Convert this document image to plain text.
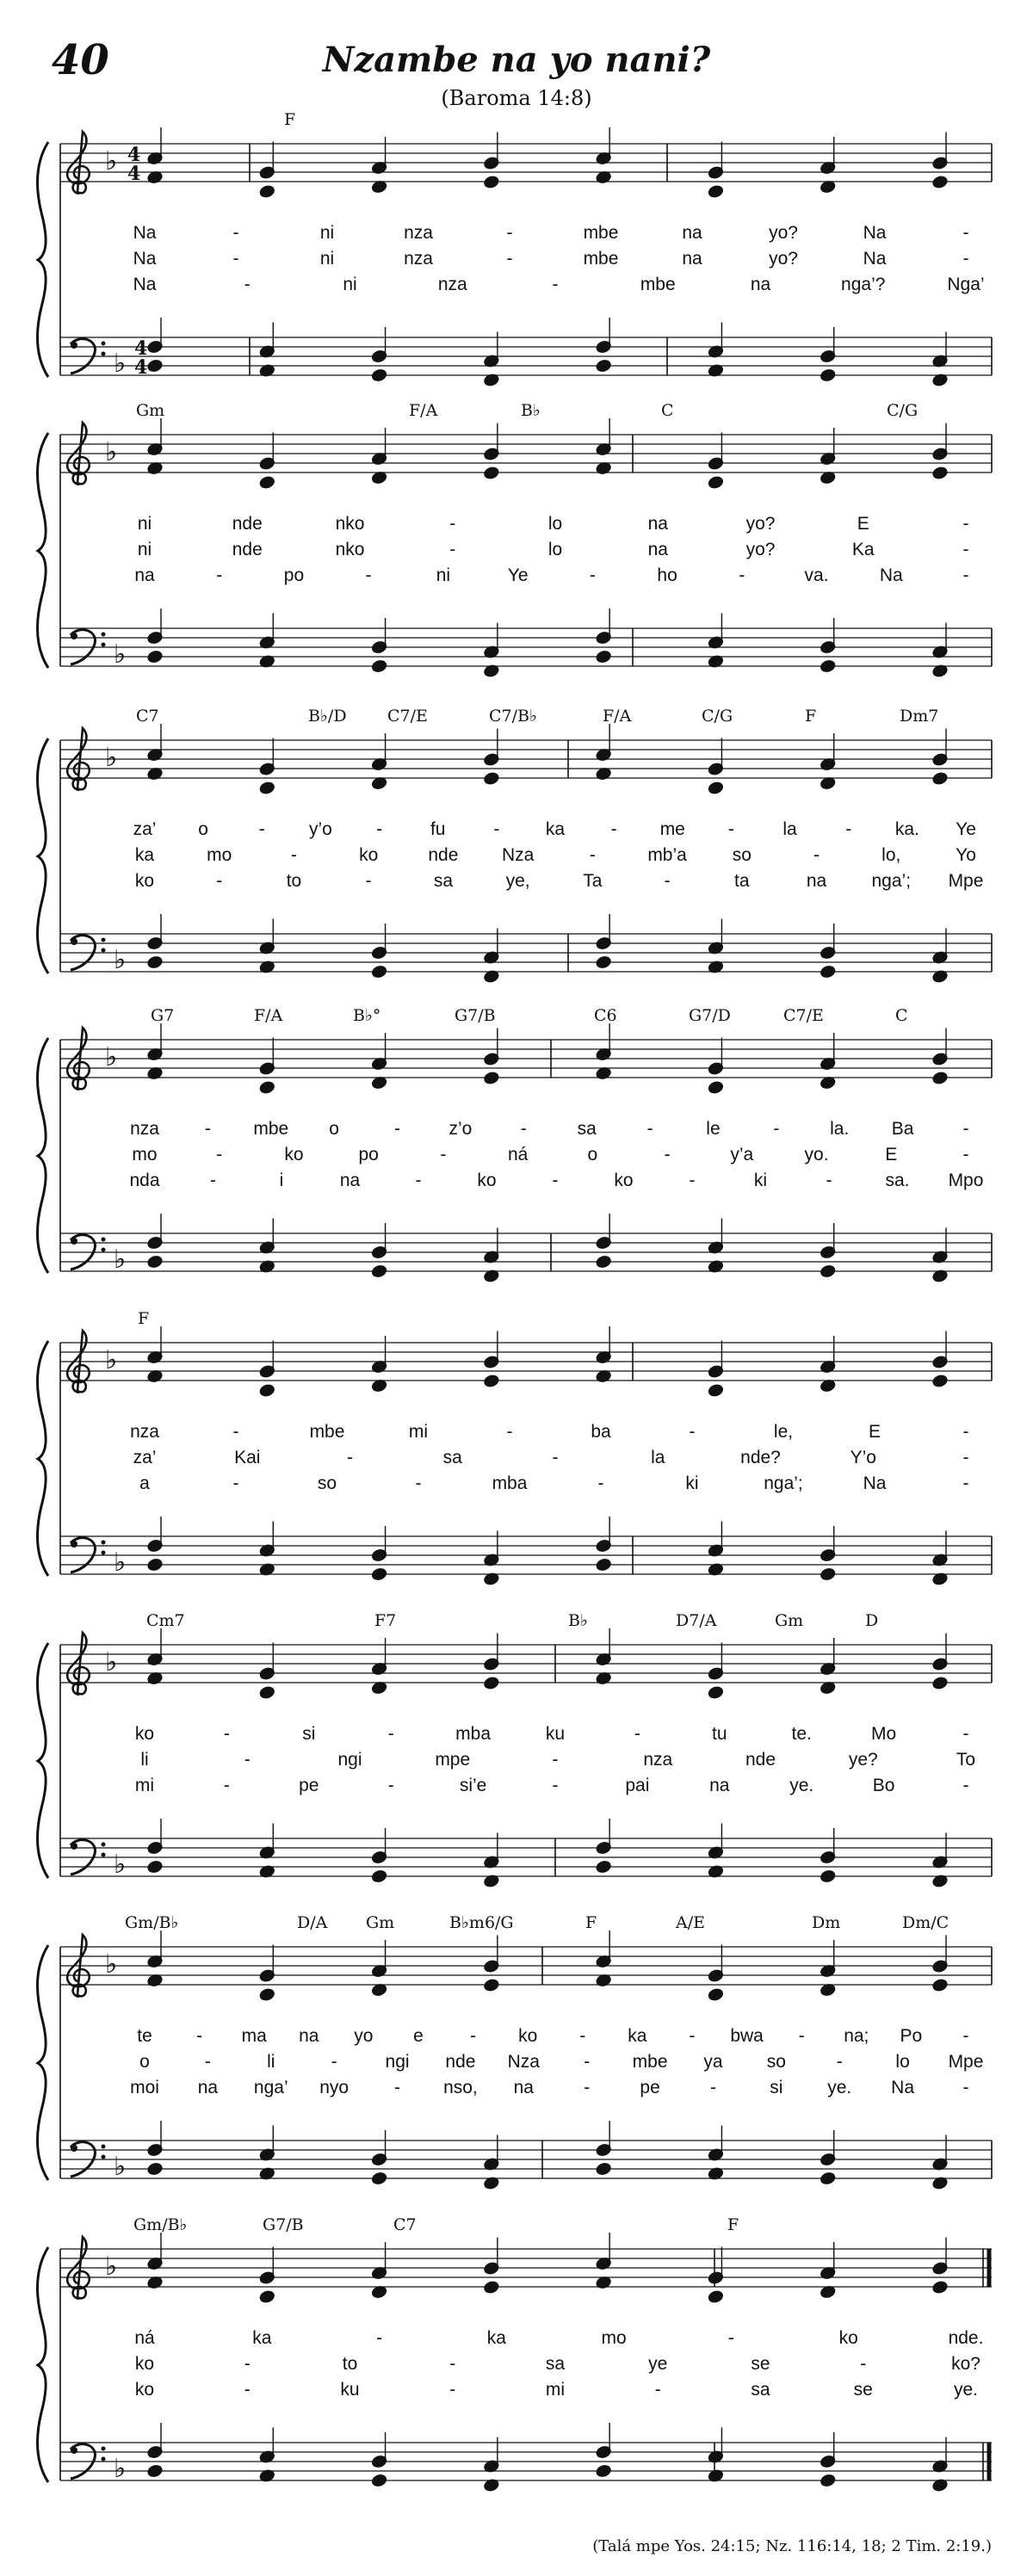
40	Nzambe na yo nani?
(Baroma 14:8)
♭
♭
4
4
4
4
F
Na	-	ni	nza	-	mbe	na	yo?	Na	-
Na	-	ni	nza	-	mbe	na	yo?	Na	-
Na	-	ni	nza	-	mbe	na	nga’?	Nga’
♭
♭
Gm	F/A	B♭	C	C/G
ni	nde	nko	-	lo	na	yo?	E	-
ni	nde	nko	-	lo	na	yo?	Ka	-
na	-	po	-	ni	Ye	-	ho	-	va.	Na	-
♭
♭
C7	B♭/D C7/E	C7/B♭	F/A	C/G	F	Dm7
za’ o	- y’o -	fu	-	ka	- me -	la	- ka. Ye
ka	mo	-	ko	nde Nza	-	mb’a	so	-	lo,	Yo
ko	-	to	-	sa	ye,	Ta	-	ta	na nga’; Mpe
♭
♭
G7	F/A	B♭°	G7/B	C6	G7/D	C7/E	C
nza	- mbe o	-	z’o	-	sa	-	le	-	la. Ba	-
mo	-	ko	po	-	ná	o	-	y’a	yo.	E	-
nda	-	i	na	-	ko	-	ko	-	ki	-	sa. Mpo
♭
♭
F
nza	-	mbe	mi	-	ba	-	le,	E	-
za’	Kai	-	sa	-	la	nde?	Y’o	-
a	-	so	-	mba	-	ki	nga’;	Na	-
♭
♭
Cm7	F7	B♭	D7/A	Gm	D
ko	-	si	-	mba	ku	-	tu	te.	Mo	-
li	-	ngi	mpe	-	nza	nde	ye?	To
mi	-	pe	-	si’e	-	pai	na	ye.	Bo	-
♭
♭
Gm/B♭	D/A Gm	B♭m6/G	F	A/E	Dm	Dm/C
te - ma na yo e	- ko - ka - bwa - na; Po -
o	-	li	-	ngi nde Nza - mbe ya so	-	lo Mpe
moi na nga’ nyo	- nso, na	-	pe	-	si ye. Na	-
♭
♭
Gm/B♭	G7/B	C7	F
ná	ka	-	ka	mo	-	ko	nde.
ko	-	to	-	sa	ye	se	-	ko?
ko	-	ku	-	mi	-	sa	se	ye.
(Talá mpe Yos. 24:15; Nz. 116:14, 18; 2 Tim. 2:19.)
